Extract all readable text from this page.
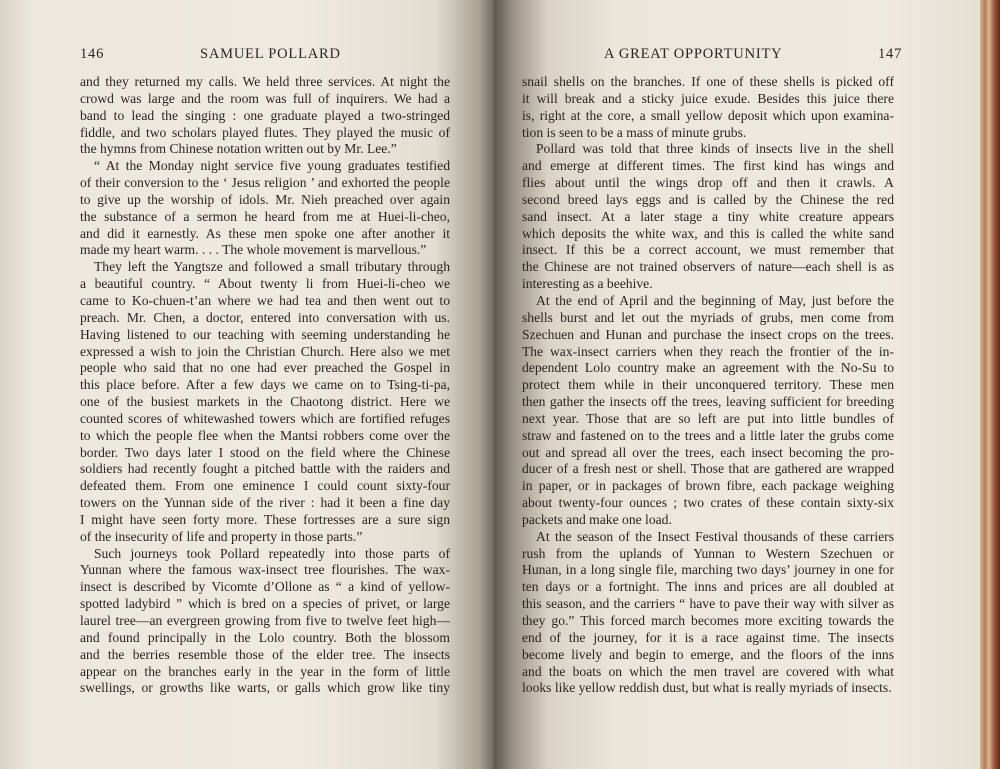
146	SAMUEL POLLARD
and they returned my calls. We held three services. At night the
crowd was large and the room was full of inquirers. We had a
band to lead the singing : one graduate played a two-stringed
fiddle, and two scholars played flutes. They played the music of
the hymns from Chinese notation written out by Mr. Lee.”
“ At the Monday night service five young graduates testified
of their conversion to the ‘ Jesus religion ’ and exhorted the people
to give up the worship of idols. Mr. Nieh preached over again
the substance of a sermon he heard from me at Huei-li-cheo,
and did it earnestly. As these men spoke one after another it
made my heart warm. . . . The whole movement is marvellous.”
They left the Yangtsze and followed a small tributary through
a beautiful country. “ About twenty li from Huei-li-cheo we
came to Ko-chuen-t’an where we had tea and then went out to
preach. Mr. Chen, a doctor, entered into conversation with us.
Having listened to our teaching with seeming understanding he
expressed a wish to join the Christian Church. Here also we met
people who said that no one had ever preached the Gospel in
this place before. After a few days we came on to Tsing-ti-pa,
one of the busiest markets in the Chaotong district. Here we
counted scores of whitewashed towers which are fortified refuges
to which the people flee when the Mantsi robbers come over the
border. Two days later I stood on the field where the Chinese
soldiers had recently fought a pitched battle with the raiders and
defeated them. From one eminence I could count sixty-four
towers on the Yunnan side of the river : had it been a fine day
I might have seen forty more. These fortresses are a sure sign
of the insecurity of life and property in those parts.”
Such journeys took Pollard repeatedly into those parts of
Yunnan where the famous wax-insect tree flourishes. The wax-
insect is described by Vicomte d’Ollone as “ a kind of yellow-
spotted ladybird ” which is bred on a species of privet, or large
laurel tree—an evergreen growing from five to twelve feet high—
and found principally in the Lolo country. Both the blossom
and the berries resemble those of the elder tree. The insects
appear on the branches early in the year in the form of little
swellings, or growths like warts, or galls which grow like tiny
A GREAT OPPORTUNITY	147
snail shells on the branches. If one of these shells is picked off
it will break and a sticky juice exude. Besides this juice there
is, right at the core, a small yellow deposit which upon examina-
tion is seen to be a mass of minute grubs.
Pollard was told that three kinds of insects live in the shell
and emerge at different times. The first kind has wings and
flies about until the wings drop off and then it crawls. A
second breed lays eggs and is called by the Chinese the red
sand insect. At a later stage a tiny white creature appears
which deposits the white wax, and this is called the white sand
insect. If this be a correct account, we must remember that
the Chinese are not trained observers of nature—each shell is as
interesting as a beehive.
At the end of April and the beginning of May, just before the
shells burst and let out the myriads of grubs, men come from
Szechuen and Hunan and purchase the insect crops on the trees.
The wax-insect carriers when they reach the frontier of the in-
dependent Lolo country make an agreement with the No-Su to
protect them while in their unconquered territory. These men
then gather the insects off the trees, leaving sufficient for breeding
next year. Those that are so left are put into little bundles of
straw and fastened on to the trees and a little later the grubs come
out and spread all over the trees, each insect becoming the pro-
ducer of a fresh nest or shell. Those that are gathered are wrapped
in paper, or in packages of brown fibre, each package weighing
about twenty-four ounces ; two crates of these contain sixty-six
packets and make one load.
At the season of the Insect Festival thousands of these carriers
rush from the uplands of Yunnan to Western Szechuen or
Hunan, in a long single file, marching two days’ journey in one for
ten days or a fortnight. The inns and prices are all doubled at
this season, and the carriers “ have to pave their way with silver as
they go.” This forced march becomes more exciting towards the
end of the journey, for it is a race against time. The insects
become lively and begin to emerge, and the floors of the inns
and the boats on which the men travel are covered with what
looks like yellow reddish dust, but what is really myriads of insects.
